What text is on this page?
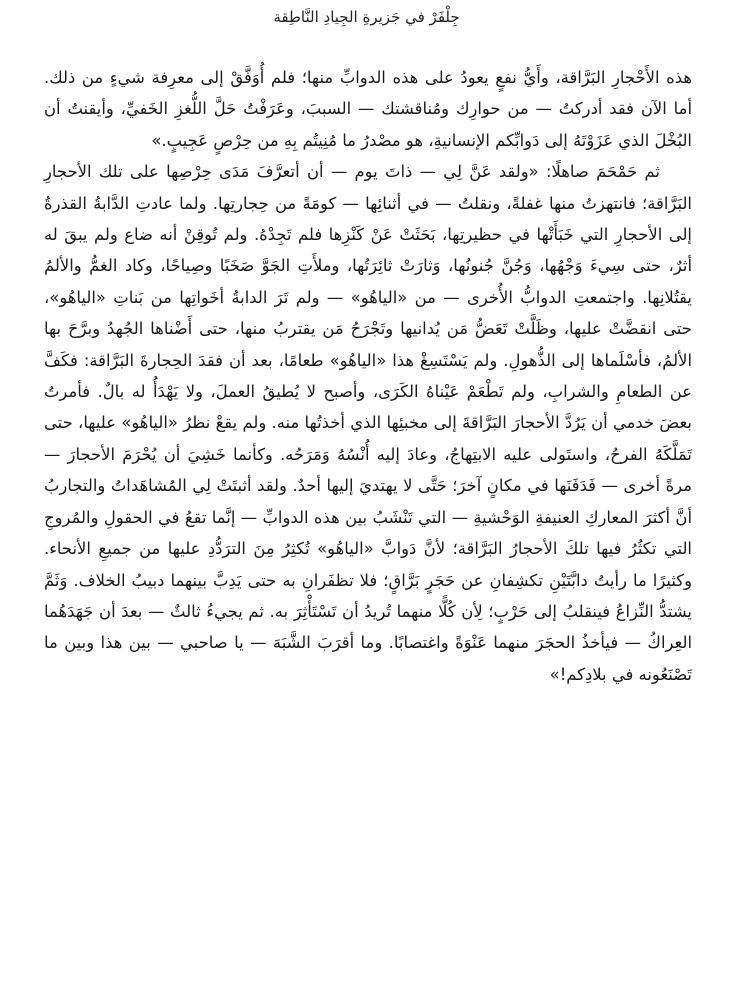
جِلْفَرْ في جَزيرةِ الجِيادِ النَّاطِقة

هذه الأَحْجارِ البَرَّاقة، وأَيُّ نفعٍ يعودُ على هذه الدوابِّ منها؛ فلم أُوَفَّقْ إلى معرِفة شيءٍ من ذلك. أما الآن فقد أدركتُ — من حوارِك ومُناقشتك — السببَ، وعَرَفْتُ حَلَّ اللُّغزِ الخَفيِّ، وأيقنتُ أن البُخْلَ الذي عَزَوْتَهُ إلى دَوابِّكم الإنسانيةِ، هو مصْدرُ ما مُنِيتُم بِهِ من حِرْصٍ عَجِيبٍ.»

ثم حَمْحَمَ صاهلًا: «ولقد عَنَّ لِي — ذاتَ يوم — أن أتعرَّفَ مَدَى حِرْصِها على تلك الأحجارِ البَرَّاقة؛ فانتهزتُ منها غفلةً، ونقلتُ — في أثنائِها — كومَةً من حِجارتِها. ولما عادتِ الدَّابةُ القذرةُ إلى الأحجارِ التي خَبَأَتْها في حظيرتِها، بَحَثَتْ عَنْ كَنْزِها فلم تَجِدْهُ. ولم تُوقِنْ أنه ضاع ولم يبقَ له أثرٌ، حتى سِيءَ وَجْهُها، وَجُنَّ جُنونُها، وَثارَتْ ثائِرَتُها، وملأَتِ الجَوَّ صَخَبًا وصِياحًا، وكاد الغمُّ والألمُ يقتُلانِها. واجتمعتِ الدوابُّ الأُخرى — من «الياهُو» — ولم تَرَ الدابةُ أخَواتِها من بَناتِ «الياهُو»، حتى انقضَّتْ عليها، وظَلَّتْ تَعَضُّ مَن يُدانيها وتَجْرَحُ مَن يقتربُ منها، حتى أَضْناها الجُهدُ وبرَّحَ بها الألمُ، فأسْلَماها إلى الذُّهولِ. ولم يَسْتَسِغْ هذا «الياهُو» طعامًا، بعد أن فقدَ الحِجارةَ البَرَّاقة: فكَفَّ عن الطعامِ والشرابِ، ولم تَطْعَمْ عَيْناهُ الكَرَى، وأصبح لا يُطيقُ العملَ، ولا يَهْدَأُ له بالٌ. فأمرتُ بعضَ خدمي أن يَرُدَّ الأحجارَ البَرَّاقةَ إلى مخبئِها الذي أخذتُها منه. ولم يقعْ نظرُ «الياهُو» عليها، حتى تَمَلَّكَهُ الفرحُ، واستَولى عليه الابتِهاجُ، وعادَ إليه أُنْسُهُ وَمَرَحُه. وكأنما خَشِيَ أن يُحْرَمَ الأحجارَ — مرةً أخرى — فَدَفَنَها في مكانٍ آخرَ؛ حَتَّى لا يهتديَ إليها أحدٌ. ولقد أثبتَتْ لِي المُشاهَداتُ والتجاربُ أنَّ أكثرَ المعاركِ العنيفةِ الوَحْشيةِ — التي تَنْشَبُ بين هذه الدوابِّ — إنَّما تقعُ في الحقولِ والمُروجِ التي تكثُرُ فيها تلكَ الأحجارُ البَرَّاقة؛ لأنَّ دَوابَّ «الياهُو» تُكثِرُ مِنَ الترَدُّدِ عليها من جميعِ الأنحاء. وكثيرًا ما رأيتُ دابَّتَيْنِ تكشِفانِ عن حَجَرٍ بَرَّاقٍ؛ فلا تظفَرانِ به حتى يَدِبَّ بينهما دبيبُ الخلاف. وَثَمَّ يشتدُّ النِّزاعُ فينقلبُ إلى حَرْبٍ؛ لِأن كُلًّا منهما تُريدُ أن تَسْتَأْثِرَ به. ثم يجيءُ ثالثٌ — بعدَ أن جَهَدَهُما العِراكُ — فيأخذُ الحجَرَ منهما عَنْوَةً واغتصابًا. وما أقرَبَ الشَّبَهَ — يا صاحبي — بين هذا وبين ما تَصْنَعُونه في بلادِكم!»
